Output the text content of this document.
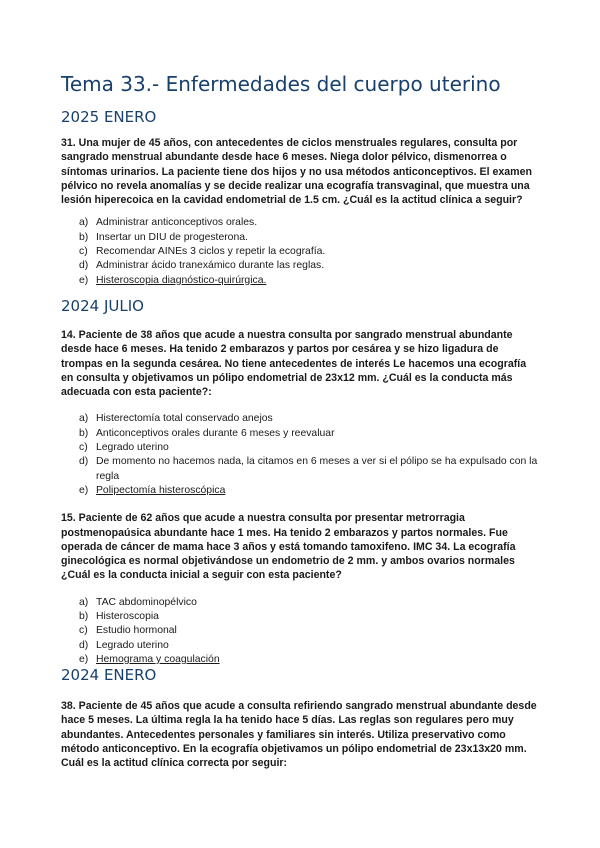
Tema 33.- Enfermedades del cuerpo uterino
2025 ENERO

31. Una mujer de 45 años, con antecedentes de ciclos menstruales regulares, consulta por sangrado menstrual abundante desde hace 6 meses. Niega dolor pélvico, dismenorrea o síntomas urinarios. La paciente tiene dos hijos y no usa métodos anticonceptivos. El examen pélvico no revela anomalías y se decide realizar una ecografía transvaginal, que muestra una lesión hiperecoica en la cavidad endometrial de 1.5 cm. ¿Cuál es la actitud clínica a seguir?

a) Administrar anticonceptivos orales.
b) Insertar un DIU de progesterona.
c) Recomendar AINEs 3 ciclos y repetir la ecografía.
d) Administrar ácido tranexámico durante las reglas.
e) Histeroscopia diagnóstico-quirúrgica.
2024 JULIO

14. Paciente de 38 años que acude a nuestra consulta por sangrado menstrual abundante desde hace 6 meses. Ha tenido 2 embarazos y partos por cesárea y se hizo ligadura de trompas en la segunda cesárea. No tiene antecedentes de interés Le hacemos una ecografía en consulta y objetivamos un pólipo endometrial de 23x12 mm. ¿Cuál es la conducta más adecuada con esta paciente?:

a) Histerectomía total conservado anejos
b) Anticonceptivos orales durante 6 meses y reevaluar
c) Legrado uterino
d) De momento no hacemos nada, la citamos en 6 meses a ver si el pólipo se ha expulsado con la regla
e) Polipectomía histeroscópica

15. Paciente de 62 años que acude a nuestra consulta por presentar metrorragia postmenopaúsica abundante hace 1 mes. Ha tenido 2 embarazos y partos normales. Fue operada de cáncer de mama hace 3 años y está tomando tamoxifeno. IMC 34. La ecografía ginecológica es normal objetivándose un endometrio de 2 mm. y ambos ovarios normales ¿Cuál es la conducta inicial a seguir con esta paciente?

a) TAC abdominopélvico
b) Histeroscopia
c) Estudio hormonal
d) Legrado uterino
e) Hemograma y coagulación
2024 ENERO

38. Paciente de 45 años que acude a consulta refiriendo sangrado menstrual abundante desde hace 5 meses. La última regla la ha tenido hace 5 días. Las reglas son regulares pero muy abundantes. Antecedentes personales y familiares sin interés. Utiliza preservativo como método anticonceptivo. En la ecografía objetivamos un pólipo endometrial de 23x13x20 mm. Cuál es la actitud clínica correcta por seguir:
